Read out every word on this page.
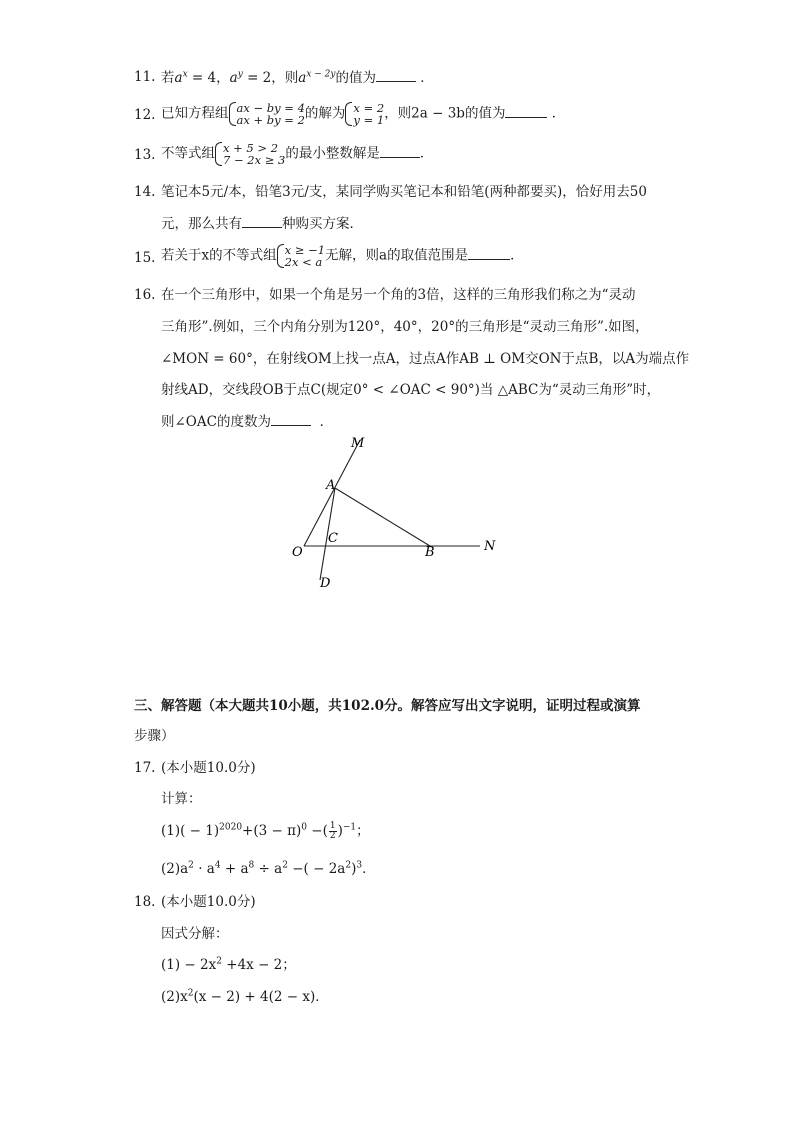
11. 若$a^x = 4$，$a^y = 2$，则$a^{x - 2y}$的值为	．
12. 已知方程组 ax − by = 4
ax + by = 2 的解为 x = 2
y = 1 ，则2a − 3b的值为	．
13. 不等式组 x + 5 > 2
7 − 2x ≥ 3 的最小整数解是	．
14. 笔记本5元/本，铅笔3元/支，某同学购买笔记本和铅笔(两种都要买)，恰好用去50
元，那么共有	种购买方案．
15. 若关于x的不等式组 x ≥ −1
2x < a 无解，则a的取值范围是	．
16. 在一个三角形中，如果一个角是另一个角的3倍，这样的三角形我们称之为“灵动
三角形”.例如，三个内角分别为120°，40°，20°的三角形是“灵动三角形”.如图，
∠MON = 60°，在射线OM上找一点A，过点A作AB ⊥ OM交ON于点B，以A为端点作
射线AD，交线段OB于点C(规定0° < ∠OAC < 90°)当 △ABC为“灵动三角形”时，
则∠OAC的度数为	．
M
A
C
O	B	N
D
三、解答题（本大题共10小题，共102.0分。解答应写出文字说明，证明过程或演算
步骤）
17. (本小题10.0分)
计算：
$(1)( - 1)^{2020}+(3 - \pi)^0$ −( $\frac{1}{2} )^{-1}$；
$(2)a^2 \cdot a^4 + a^8 \div a^2$ −( − $2a^2)^3$．
18. (本小题10.0分)
因式分解：
$(1) - 2x^2 +4x - 2$；
$(2)x^2(x - 2) + 4(2 - x)$．
